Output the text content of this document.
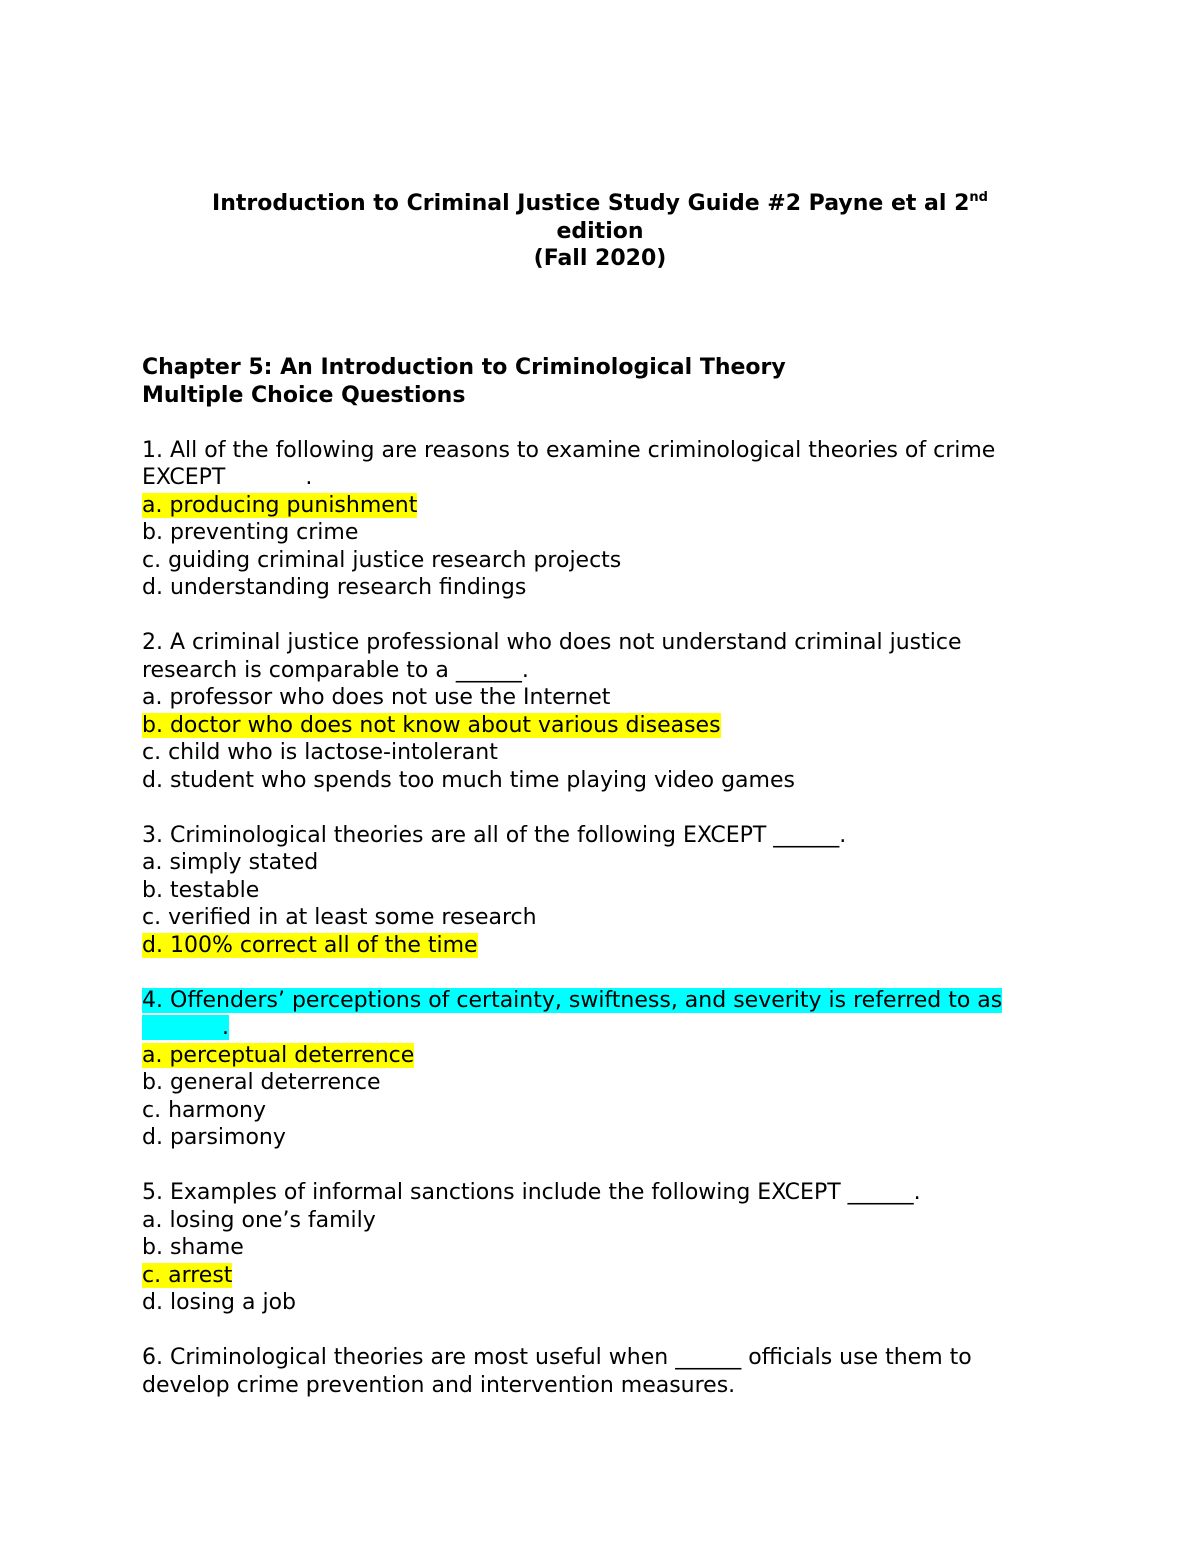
Introduction to Criminal Justice Study Guide #2 Payne et al 2nd
edition
(Fall 2020)
Chapter 5: An Introduction to Criminological Theory
Multiple Choice Questions
1. All of the following are reasons to examine criminological theories of crime EXCEPT	.
a. producing punishment
b. preventing crime
c. guiding criminal justice research projects
d. understanding research findings
2. A criminal justice professional who does not understand criminal justice research is comparable to a ______.
a. professor who does not use the Internet
b. doctor who does not know about various diseases
c. child who is lactose-intolerant
d. student who spends too much time playing video games
3. Criminological theories are all of the following EXCEPT ______.
a. simply stated
b. testable
c. verified in at least some research
d. 100% correct all of the time
4. Offenders’ perceptions of certainty, swiftness, and severity is referred to as.
a. perceptual deterrence
b. general deterrence
c. harmony
d. parsimony
5. Examples of informal sanctions include the following EXCEPT ______.
a. losing one’s family
b. shame
c. arrest
d. losing a job
6. Criminological theories are most useful when ______ officials use them to develop crime prevention and intervention measures.
